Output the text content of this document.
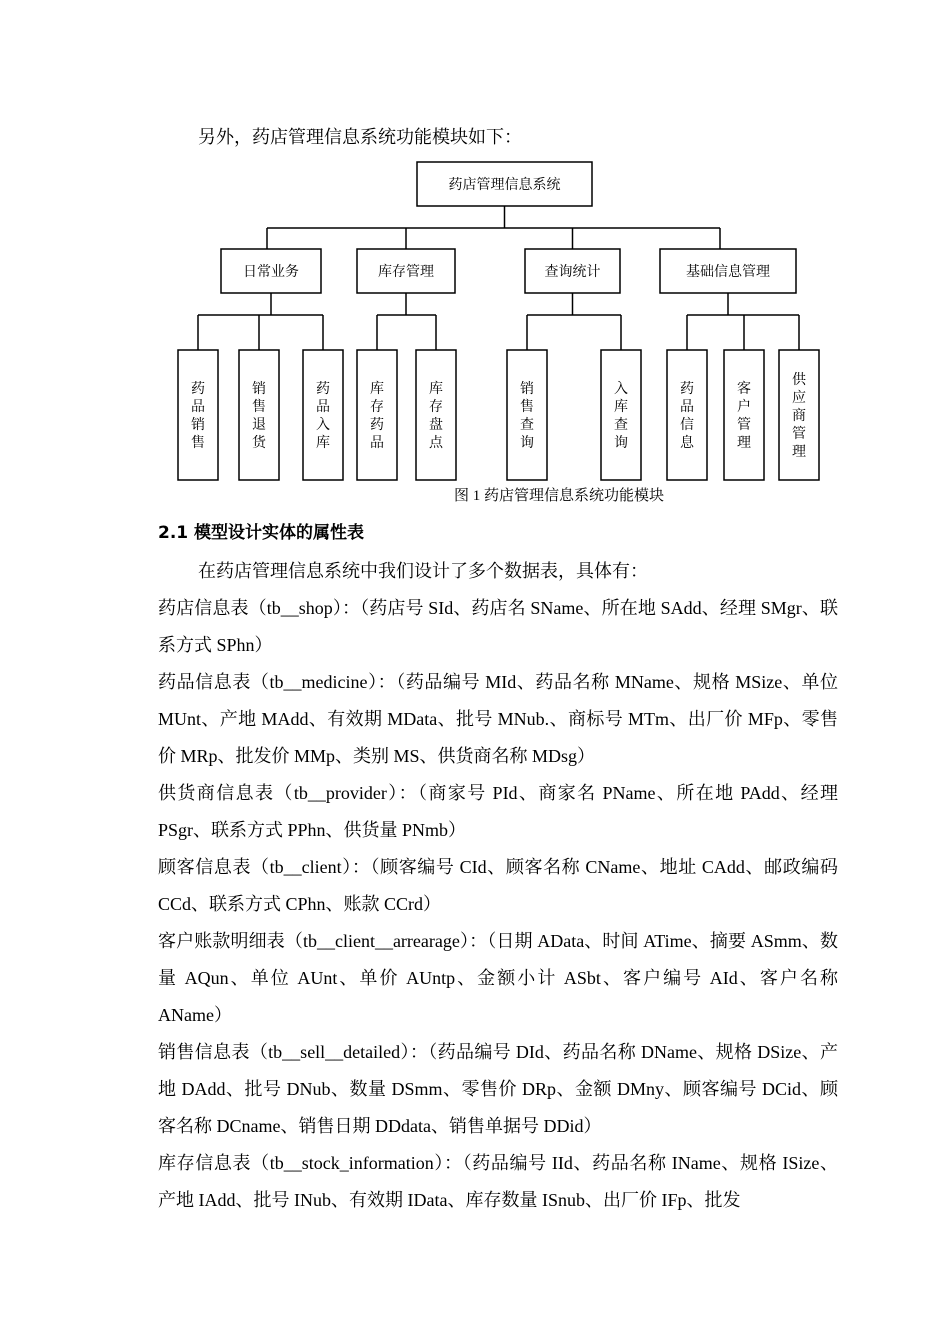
另外，药店管理信息系统功能模块如下：
药店管理信息系统
日常业务
药品销售
销售退货
药品入库
库存管理
库存药品
库存盘点
查询统计
销售查询
入库查询
基础信息管理
药品信息
客户管理
供应商管理
图 1 药店管理信息系统功能模块
2.1 模型设计实体的属性表

在药店管理信息系统中我们设计了多个数据表，具体有：

药店信息表（tb__shop）：（药店号 SId、药店名 SName、所在地 SAdd、经理 SMgr、联系方式 SPhn）

药品信息表（tb__medicine）：（药品编号 MId、药品名称 MName、规格 MSize、单位 MUnt、产地 MAdd、有效期 MData、批号 MNub.、商标号 MTm、出厂价 MFp、零售价 MRp、批发价 MMp、类别 MS、供货商名称 MDsg）

供货商信息表（tb__provider）：（商家号 PId、商家名 PName、所在地 PAdd、经理 PSgr、联系方式 PPhn、供货量 PNmb）

顾客信息表（tb__client）：（顾客编号 CId、顾客名称 CName、地址 CAdd、邮政编码 CCd、联系方式 CPhn、账款 CCrd）

客户账款明细表（tb__client__arrearage）：（日期 AData、时间 ATime、摘要 ASmm、数量 AQun、单位 AUnt、单价 AUntp、金额小计 ASbt、客户编号 AId、客户名称 AName）

销售信息表（tb__sell__detailed）：（药品编号 DId、药品名称 DName、规格 DSize、产地 DAdd、批号 DNub、数量 DSmm、零售价 DRp、金额 DMny、顾客编号 DCid、顾客名称 DCname、销售日期 DDdata、销售单据号 DDid）

库存信息表（tb__stock_information）：（药品编号 IId、药品名称 IName、规格 ISize、产地 IAdd、批号 INub、有效期 IData、库存数量 ISnub、出厂价 IFp、批发
